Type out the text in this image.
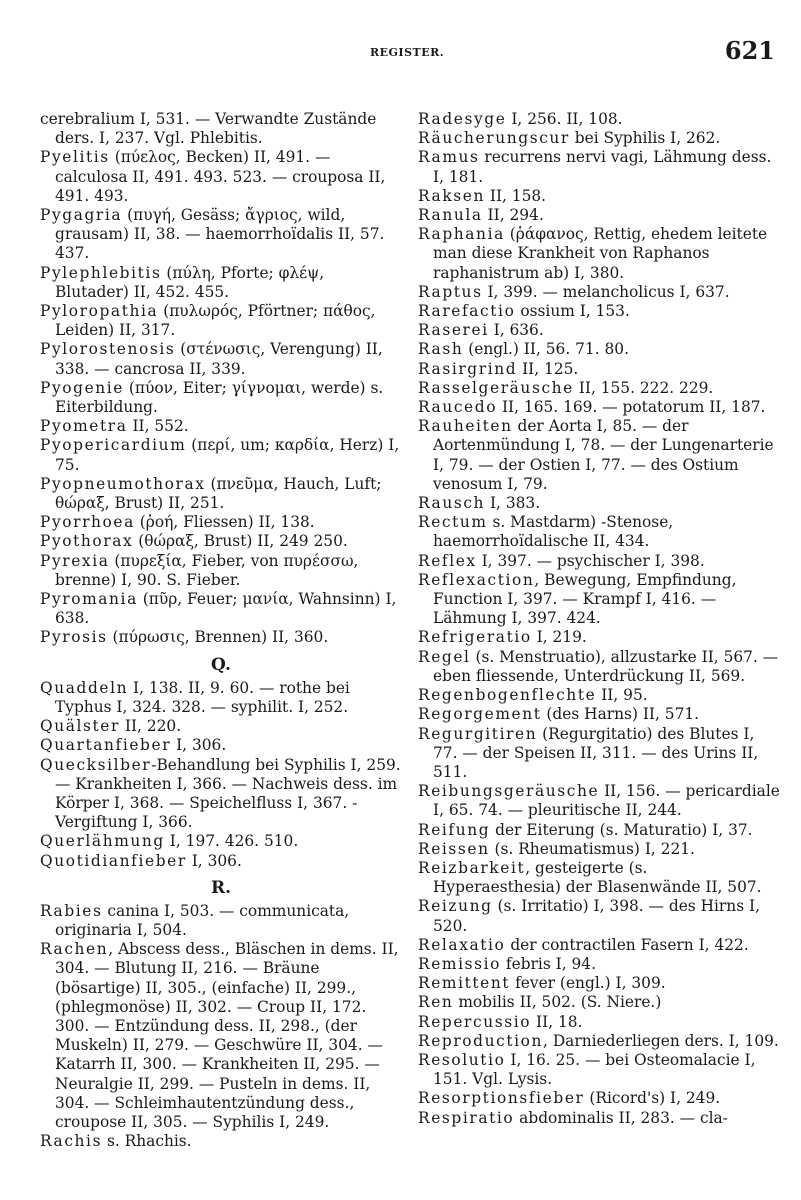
REGISTER.	621

cerebralium I, 531. — Verwandte Zustände ders. I, 237. Vgl. Phlebitis.

Pyelitis (πύελος, Becken) II, 491. — calculosa II, 491. 493. 523. — crouposa II, 491. 493.

Pygagria (πυγή, Gesäss; ἄγριος, wild, grausam) II, 38. — haemorrhoïdalis II, 57. 437.

Pylephlebitis (πύλη, Pforte; φλέψ, Blutader) II, 452. 455.

Pyloropathia (πυλωρός, Pförtner; πάθος, Leiden) II, 317.

Pylorostenosis (στένωσις, Verengung) II, 338. — cancrosa II, 339.

Pyogenie (πύον, Eiter; γίγνομαι, werde) s. Eiterbildung.

Pyometra II, 552.

Pyopericardium (περί, um; καρδία, Herz) I, 75.

Pyopneumothorax (πνεῦμα, Hauch, Luft; θώραξ, Brust) II, 251.

Pyorrhoea (ῥοή, Fliessen) II, 138.

Pyothorax (θώραξ, Brust) II, 249 250.

Pyrexia (πυρεξία, Fieber, von πυρέσσω, brenne) I, 90. S. Fieber.

Pyromania (πῦρ, Feuer; μανία, Wahnsinn) I, 638.

Pyrosis (πύρωσις, Brennen) II, 360.

Q.

Quaddeln I, 138. II, 9. 60. — rothe bei Typhus I, 324. 328. — syphilit. I, 252.

Quälster II, 220.

Quartanfieber I, 306.

Quecksilber-Behandlung bei Syphilis I, 259. — Krankheiten I, 366. — Nachweis dess. im Körper I, 368. — Speichelfluss I, 367. - Vergiftung I, 366.

Querlähmung I, 197. 426. 510.

Quotidianfieber I, 306.

R.

Rabies canina I, 503. — communicata, originaria I, 504.

Rachen, Abscess dess., Bläschen in dems. II, 304. — Blutung II, 216. — Bräune (bösartige) II, 305., (einfache) II, 299., (phlegmonöse) II, 302. — Croup II, 172. 300. — Entzündung dess. II, 298., (der Muskeln) II, 279. — Geschwüre II, 304. — Katarrh II, 300. — Krankheiten II, 295. — Neuralgie II, 299. — Pusteln in dems. II, 304. — Schleimhautentzündung dess., crouposе II, 305. — Syphilis I, 249.

Rachis s. Rhachis.

Radesyge I, 256. II, 108.

Räucherungscur bei Syphilis I, 262.

Ramus recurrens nervi vagi, Lähmung dess. I, 181.

Raksen II, 158.

Ranula II, 294.

Raphania (ῥάφανος, Rettig, ehedem leitete man diese Krankheit von Raphanos raphanistrum ab) I, 380.

Raptus I, 399. — melancholicus I, 637.

Rarefactio ossium I, 153.

Raserei I, 636.

Rash (engl.) II, 56. 71. 80.

Rasirgrind II, 125.

Rasselgeräusche II, 155. 222. 229.

Raucedo II, 165. 169. — potatorum II, 187.

Rauheiten der Aorta I, 85. — der Aortenmündung I, 78. — der Lungenarterie I, 79. — der Ostien I, 77. — des Ostium venosum I, 79.

Rausch I, 383.

Rectum s. Mastdarm) -Stenose, haemorrhoïdalische II, 434.

Reflex I, 397. — psychischer I, 398.

Reflexaction, Bewegung, Empfindung, Function I, 397. — Krampf I, 416. — Lähmung I, 397. 424.

Refrigeratio I, 219.

Regel (s. Menstruatio), allzustarke II, 567. — eben fliessende, Unterdrückung II, 569.

Regenbogenflechte II, 95.

Regorgement (des Harns) II, 571.

Regurgitiren (Regurgitatio) des Blutes I, 77. — der Speisen II, 311. — des Urins II, 511.

Reibungsgeräusche II, 156. — pericardiale I, 65. 74. — pleuritische II, 244.

Reifung der Eiterung (s. Maturatio) I, 37.

Reissen (s. Rheumatismus) I, 221.

Reizbarkeit, gesteigerte (s. Hyperaesthesia) der Blasenwände II, 507.

Reizung (s. Irritatio) I, 398. — des Hirns I, 520.

Relaxatio der contractilen Fasern I, 422.

Remissio febris I, 94.

Remittent fever (engl.) I, 309.

Ren mobilis II, 502. (S. Niere.)

Repercussio II, 18.

Reproduction, Darniederliegen ders. I, 109.

Resolutio I, 16. 25. — bei Osteomalacie I, 151. Vgl. Lysis.

Resorptionsfieber (Ricord's) I, 249.

Respiratio abdominalis II, 283. — cla-
